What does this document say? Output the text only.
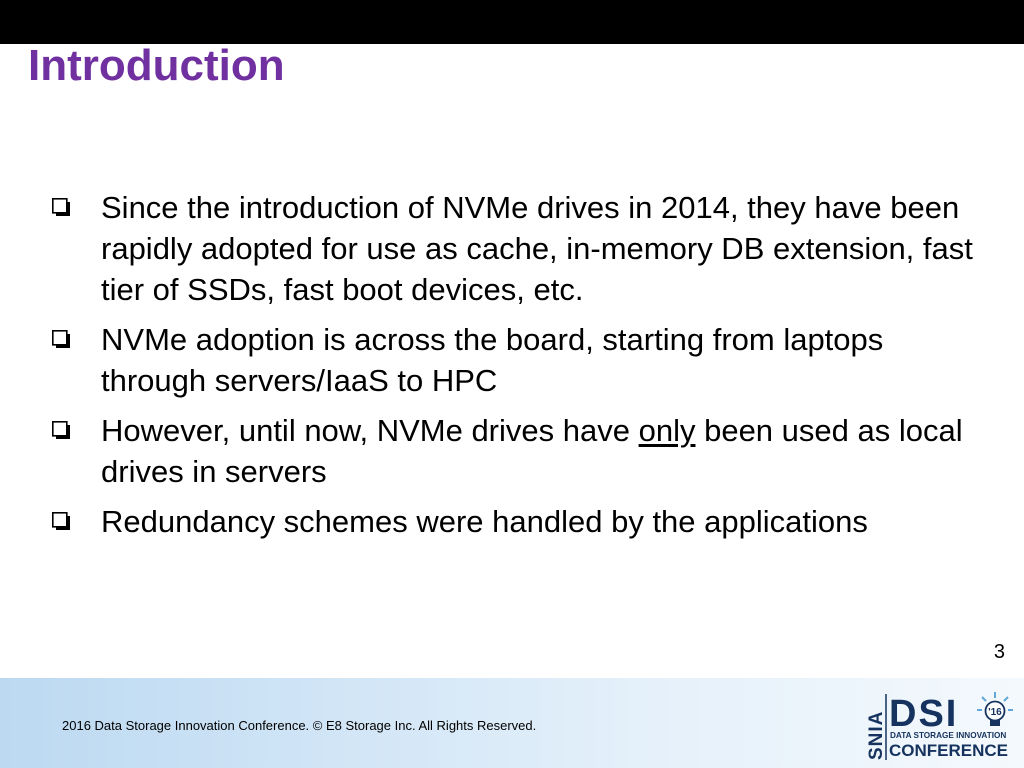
Introduction
Since the introduction of NVMe drives in 2014, they have been rapidly adopted for use as cache, in-memory DB extension, fast tier of SSDs, fast boot devices, etc.
NVMe adoption is across the board, starting from laptops through servers/IaaS to HPC
However, until now, NVMe drives have only been used as local drives in servers
Redundancy schemes were handled by the applications
3
2016 Data Storage Innovation Conference. © E8 Storage Inc. All Rights Reserved.	SNIA DSI	'16
DATA STORAGE INNOVATION
CONFERENCE
